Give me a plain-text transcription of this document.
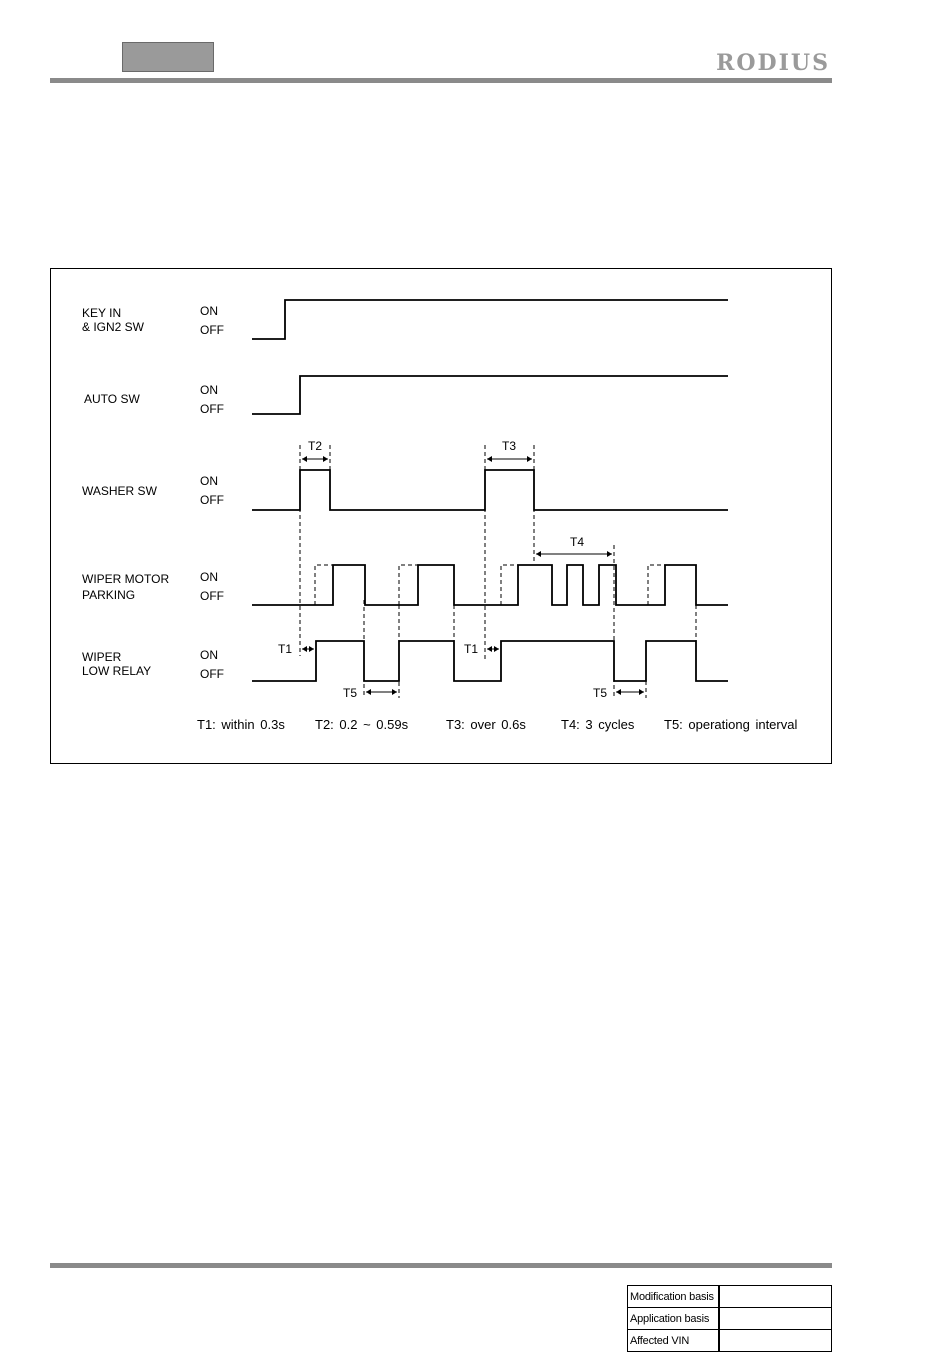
RODIUS
KEY IN
& IGN2 SW
ON
OFF
AUTO SW
ON
OFF
WASHER SW
ON
OFF
WIPER MOTOR
PARKING
ON
OFF
WIPER
LOW RELAY
ON
OFF
T2	T3
T4
T1	T1
T5	T5
T1: within 0.3s T2: 0.2 ~ 0.59s	T3: over 0.6s	T4: 3 cycles T5: operationg interval
Modification basis	
Application basis	
Affected VIN	
